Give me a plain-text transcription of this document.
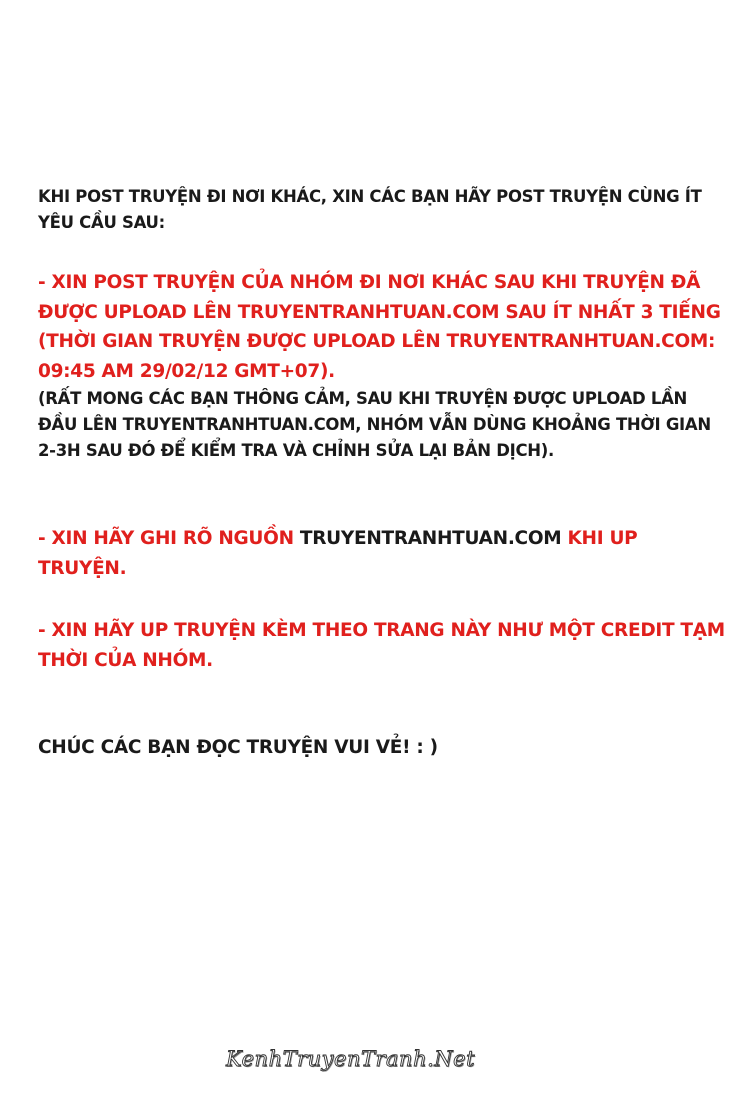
KHI POST TRUYỆN ĐI NƠI KHÁC, XIN CÁC BẠN HÃY POST TRUYỆN CÙNG ÍT YÊU CẦU SAU:
- XIN POST TRUYỆN CỦA NHÓM ĐI NƠI KHÁC SAU KHI TRUYỆN ĐÃ ĐƯỢC UPLOAD LÊN TRUYENTRANHTUAN.COM SAU ÍT NHẤT 3 TIẾNG (THỜI GIAN TRUYỆN ĐƯỢC UPLOAD LÊN TRUYENTRANHTUAN.COM: 09:45 AM 29/02/12 GMT+07).
(RẤT MONG CÁC BẠN THÔNG CẢM, SAU KHI TRUYỆN ĐƯỢC UPLOAD LẦN ĐẦU LÊN TRUYENTRANHTUAN.COM, NHÓM VẪN DÙNG KHOẢNG THỜI GIAN 2-3H SAU ĐÓ ĐỂ KIỂM TRA VÀ CHỈNH SỬA LẠI BẢN DỊCH).
- XIN HÃY GHI RÕ NGUỒN TRUYENTRANHTUAN.COM KHI UP TRUYỆN.
- XIN HÃY UP TRUYỆN KÈM THEO TRANG NÀY NHƯ MỘT CREDIT TẠM THỜI CỦA NHÓM.
CHÚC CÁC BẠN ĐỌC TRUYỆN VUI VẺ! : )
KenhTruyenTranh.Net
